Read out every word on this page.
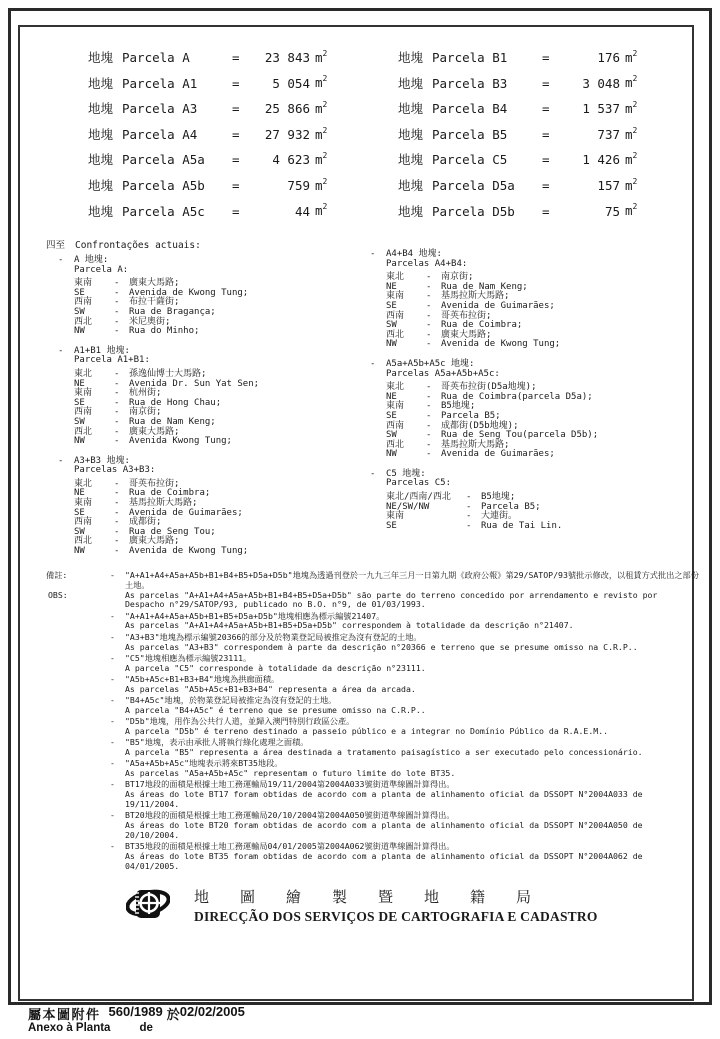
地塊 Parcela A	=	23 843 $m^2$
地塊 Parcela A1	=	5 054 $m^2$
地塊 Parcela A3	=	25 866 $m^2$
地塊 Parcela A4	=	27 932 $m^2$
地塊 Parcela A5a	=	4 623 $m^2$
地塊 Parcela A5b	=	759 $m^2$
地塊 Parcela A5c	=	44 $m^2$
地塊 Parcela B1	=	176 $m^2$
地塊 Parcela B3	=	3 048 $m^2$
地塊 Parcela B4	=	1 537 $m^2$
地塊 Parcela B5	=	737 $m^2$
地塊 Parcela C5	=	1 426 $m^2$
地塊 Parcela D5a	=	157 $m^2$
地塊 Parcela D5b	=	75 $m^2$
四至 Confrontações actuais:
-	A 地塊:
Parcela A:
東南	-	廣東大馬路;
SE	-	Avenida de Kwong Tung;
西南	-	布拉干薩街;
SW	-	Rua de Bragança;
西北	-	米尼奧街;
NW	-	Rua do Minho;
-	A1+B1 地塊:
Parcela A1+B1:
東北	-	孫逸仙博士大馬路;
NE	-	Avenida Dr. Sun Yat Sen;
東南	-	杭州街;
SE	-	Rua de Hong Chau;
西南	-	南京街;
SW	-	Rua de Nam Keng;
西北	-	廣東大馬路;
NW	-	Avenida Kwong Tung;
-	A3+B3 地塊:
Parcelas A3+B3:
東北	-	哥英布拉街;
NE	-	Rua de Coimbra;
東南	-	基馬拉斯大馬路;
SE	-	Avenida de Guimarães;
西南	-	成都街;
SW	-	Rua de Seng Tou;
西北	-	廣東大馬路;
NW	-	Avenida de Kwong Tung;
-	A4+B4 地塊:
Parcelas A4+B4:
東北	-	南京街;
NE	-	Rua de Nam Keng;
東南	-	基馬拉斯大馬路;
SE	-	Avenida de Guimarães;
西南	-	哥英布拉街;
SW	-	Rua de Coimbra;
西北	-	廣東大馬路;
NW	-	Avenida de Kwong Tung;
-	A5a+A5b+A5c 地塊:
Parcelas A5a+A5b+A5c:
東北	-	哥英布拉街(D5a地塊);
NE	-	Rua de Coimbra(parcela D5a);
東南	-	B5地塊;
SE	-	Parcela B5;
西南	-	成都街(D5b地塊);
SW	-	Rua de Seng Tou(parcela D5b);
西北	-	基馬拉斯大馬路;
NW	-	Avenida de Guimarães;
-	C5 地塊:
Parcelas C5:
東北/西南/西北	-	B5地塊;
NE/SW/NW	-	Parcela B5;
東南	-	大連街。
SE	-	Rua de Tai Lin.
備註:
OBS:
-	"A+A1+A4+A5a+A5b+B1+B4+B5+D5a+D5b"地塊為透過刊登於一九九三年三月一日第九期《政府公報》第29/SATOP/93號批示修改，以租賃方式批出之部份土地。
As parcelas "A+A1+A4+A5a+A5b+B1+B4+B5+D5a+D5b" são parte do terreno concedido por arrendamento e revisto por Despacho n°29/SATOP/93, publicado no B.O. n°9, de 01/03/1993.
-	"A+A1+A4+A5a+A5b+B1+B5+D5a+D5b"地塊相應為標示編號21407。
As parcelas "A+A1+A4+A5a+A5b+B1+B5+D5a+D5b" correspondem à totalidade da descrição n°21407.
-	"A3+B3"地塊為標示編號20366的部分及於物業登記局被推定為沒有登記的土地。
As parcelas "A3+B3" correspondem à parte da descrição n°20366 e terreno que se presume omisso na C.R.P..
-	"C5"地塊相應為標示編號23111。
A parcela "C5" corresponde à totalidade da descrição n°23111.
-	"A5b+A5c+B1+B3+B4"地塊為拱廊面積。
As parcelas "A5b+A5c+B1+B3+B4" representa a área da arcada.
-	"B4+A5c"地塊，於物業登記局被推定為沒有登記的土地。
A parcela "B4+A5c" é terreno que se presume omisso na C.R.P..
-	"D5b"地塊，用作為公共行人道，並歸入澳門特別行政區公產。
A parcela "D5b" é terreno destinado a passeio público e a integrar no Domínio Público da R.A.E.M..
-	"B5"地塊，表示由承批人將執行綠化處理之面積。
A parcela "B5" representa a área destinada a tratamento paisagístico a ser executado pelo concessionário.
-	"A5a+A5b+A5c"地塊表示將來BT35地段。
As parcelas "A5a+A5b+A5c" representam o futuro limite do lote BT35.
-	BT17地段的面積是根據土地工務運輸局19/11/2004第2004A033號街道準線圖計算得出。
As áreas do lote BT17 foram obtidas de acordo com a planta de alinhamento oficial da DSSOPT N°2004A033 de 19/11/2004.
-	BT20地段的面積是根據土地工務運輸局20/10/2004第2004A050號街道準線圖計算得出。
As áreas do lote BT20 foram obtidas de acordo com a planta de alinhamento oficial da DSSOPT N°2004A050 de 20/10/2004.
-	BT35地段的面積是根據土地工務運輸局04/01/2005第2004A062號街道準線圖計算得出。
As áreas do lote BT35 foram obtidas de acordo com a planta de alinhamento oficial da DSSOPT N°2004A062 de 04/01/2005.
地圖繪製暨地籍局
DIRECÇÃO DOS SERVIÇOS DE CARTOGRAFIA E CADASTRO
屬本圖附件 560/1989 於 02/02/2005
Anexo à Planta	de
